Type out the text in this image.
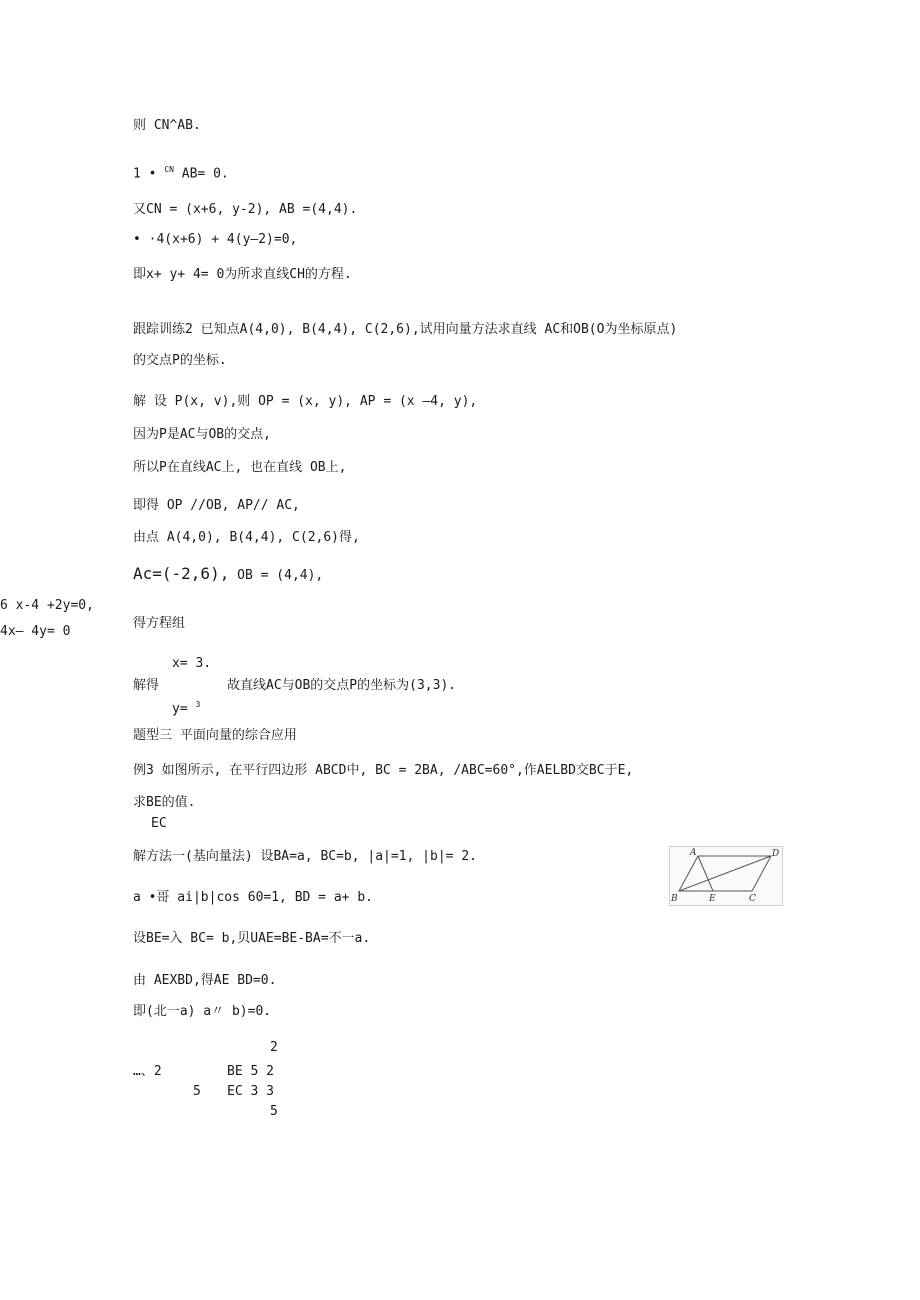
则 CN^AB.
1 • $^{CN}$ AB= 0.
又CN = (x+6, y-2), AB =(4,4).
• ·4(x+6) + 4(y—2)=0,
即x+ y+ 4= 0为所求直线CH的方程.
跟踪训练2 已知点A(4,0), B(4,4), C(2,6),试用向量方法求直线 AC和OB(O为坐标原点)
的交点P的坐标.
解 设 P(x, v),则 OP = (x, y), AP = (x —4, y),
因为P是AC与OB的交点,
所以P在直线AC上, 也在直线 OB上,
即得 OP //OB, AP// AC,
由点 A(4,0), B(4,4), C(2,6)得,
Ac=(-2,6), OB = (4,4),
6 x-4 +2y=0,
得方程组
4x— 4y= 0
x= 3.
解得	故直线AC与OB的交点P的坐标为(3,3).
y= $^3$
题型三 平面向量的综合应用
例3 如图所示, 在平行四边形 ABCD中, BC = 2BA, /ABC=60°,作AELBD交BC于E,
求BE的值.
EC
解方法一(基向量法) 设BA=a, BC=b, |a|=1, |b|= 2.
a •哥 ai|b|cos 60=1, BD = a+ b.
设BE=入 BC= b,贝UAE=BE-BA=不一a.
由 AEXBD,得AE BD=0.
即(北一a) a〃 b)=0.
2
…、2	BE 5 2
5 EC 3 3
5
A	D
B	E	C
